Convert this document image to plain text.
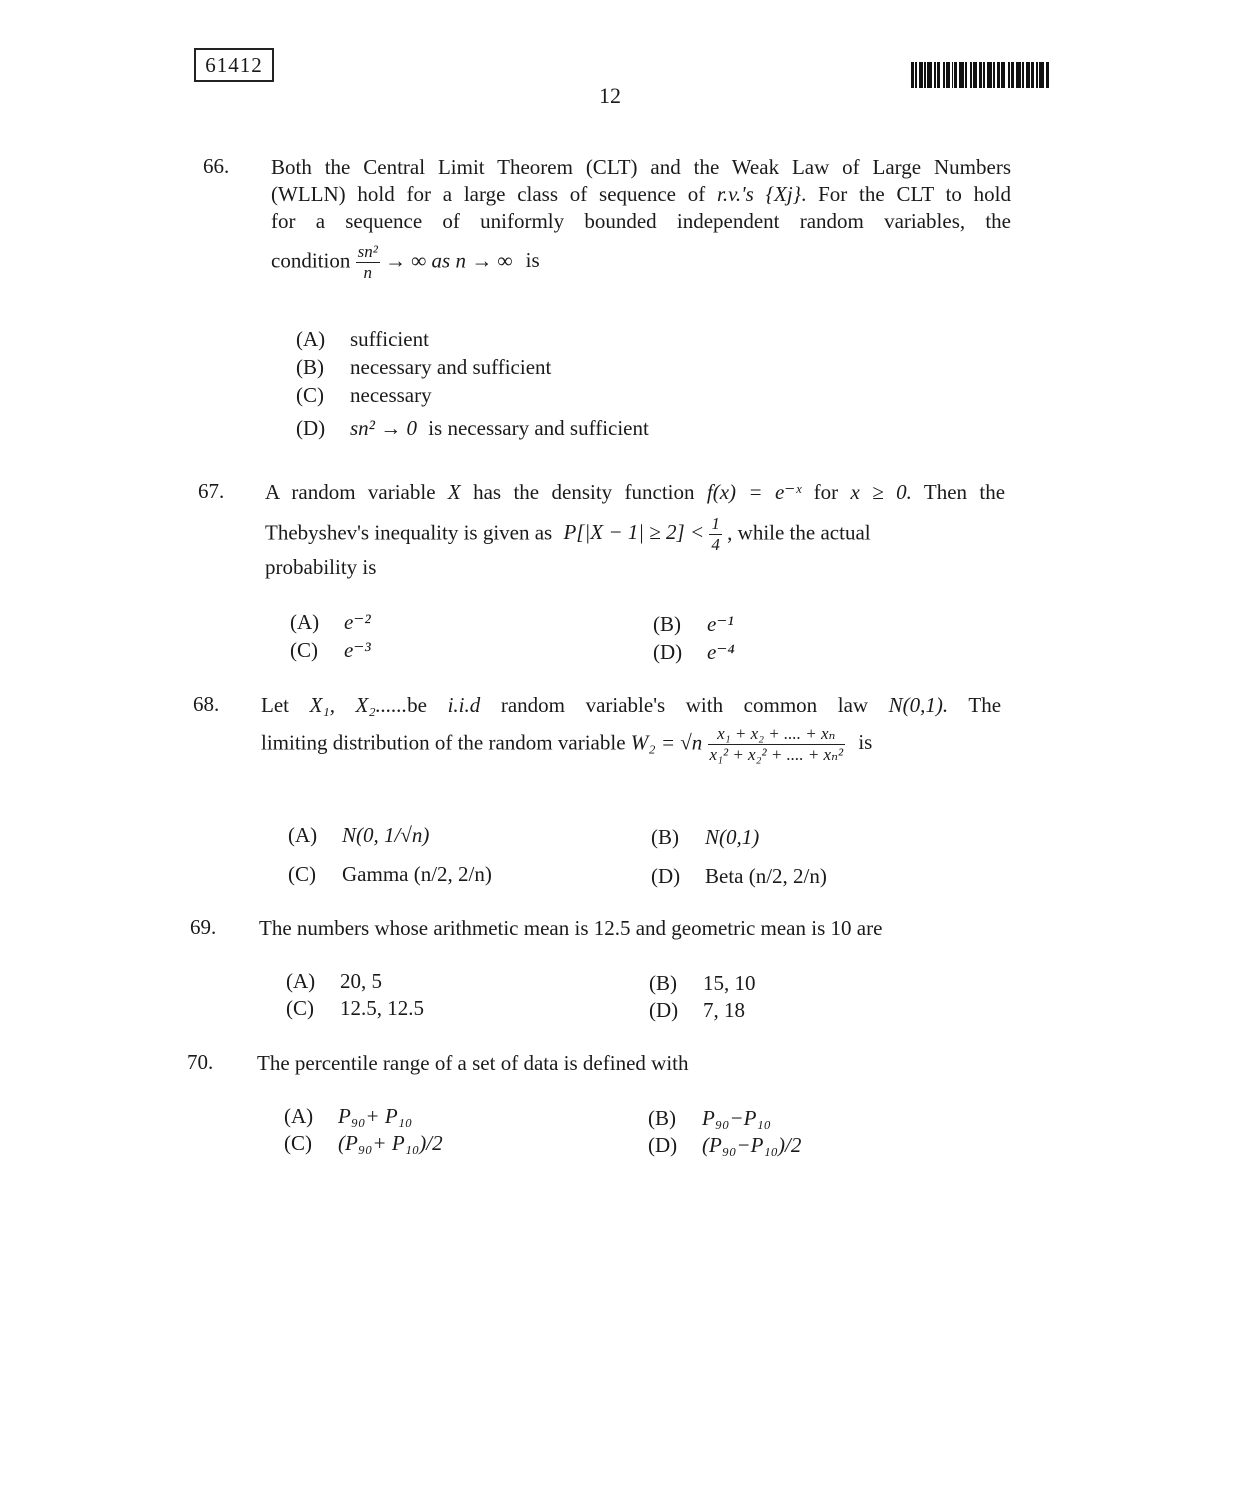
61412
12
66. Both the Central Limit Theorem (CLT) and the Weak Law of Large Numbers
(WLLN) hold for a large class of sequence of r.v.'s {Xj}. For the CLT to hold
for a sequence of uniformly bounded independent random variables, the
condition $\frac{\text{sn²}}{n}$ → ∞ as n → ∞ is
(A) sufficient
(B) necessary and sufficient
(C) necessary
(D) sn² → 0 is necessary and sufficient
67. A random variable X has the density function f(x) = e⁻ˣ for x ≥ 0. Then the
Thebyshev's inequality is given as $P[|X - 1| \ge 2] < \frac{1}{4}$ , while the actual
probability is
(A) e⁻²	(B) e⁻¹
(C) e⁻³	(D) e⁻⁴
68. Let X₁, X₂......be i.i.d random variable's with common law N(0,1). The
limiting distribution of the random variable $W_2 = √n \frac{\text{x₁ + x₂ + .... + xₙ}}{\text{x₁² + x₂² + .... + xₙ²}}$ is
(A) N(0, 1/√n)	(B) N(0,1)
(C) Gamma (n/2, 2/n)	(D) Beta (n/2, 2/n)
69. The numbers whose arithmetic mean is 12.5 and geometric mean is 10 are
(A) 20, 5	(B) 15, 10
(C) 12.5, 12.5	(D) 7, 18
70. The percentile range of a set of data is defined with
(A) P₉₀+ P₁₀	(B) P₉₀−P₁₀
(C) (P₉₀+ P₁₀)/2	(D) (P₉₀−P₁₀)/2
